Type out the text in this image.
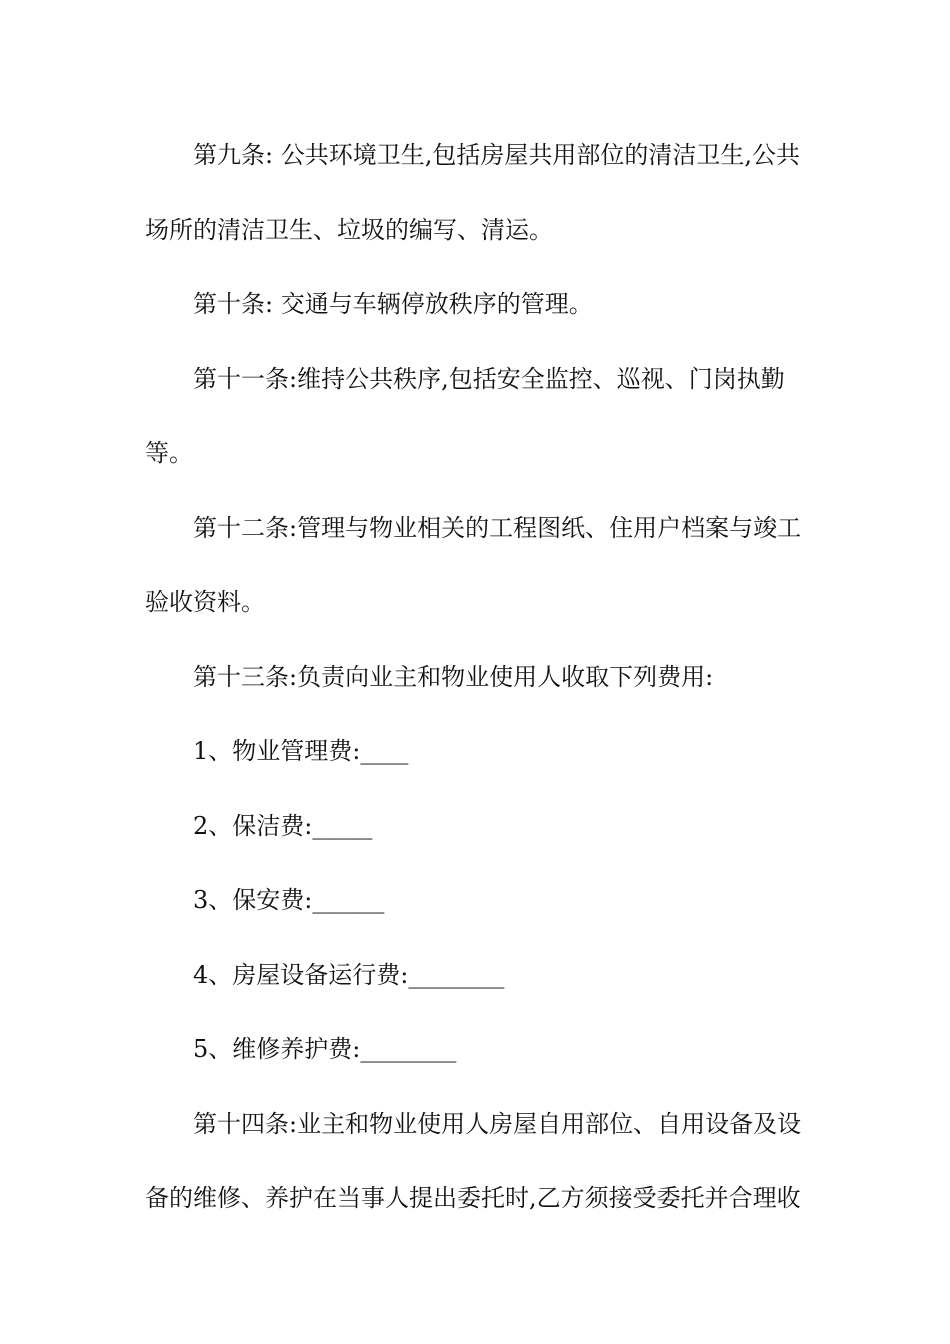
第九条: 公共环境卫生,包括房屋共用部位的清洁卫生,公共场所的清洁卫生、垃圾的编写、清运。

第十条: 交通与车辆停放秩序的管理。

第十一条:维持公共秩序,包括安全监控、巡视、门岗执勤等。

第十二条:管理与物业相关的工程图纸、住用户档案与竣工验收资料。

第十三条:负责向业主和物业使用人收取下列费用:

1、物业管理费:____

2、保洁费:_____

3、保安费:______

4、房屋设备运行费:________

5、维修养护费:________

第十四条:业主和物业使用人房屋自用部位、自用设备及设备的维修、养护在当事人提出委托时,乙方须接受委托并合理收
